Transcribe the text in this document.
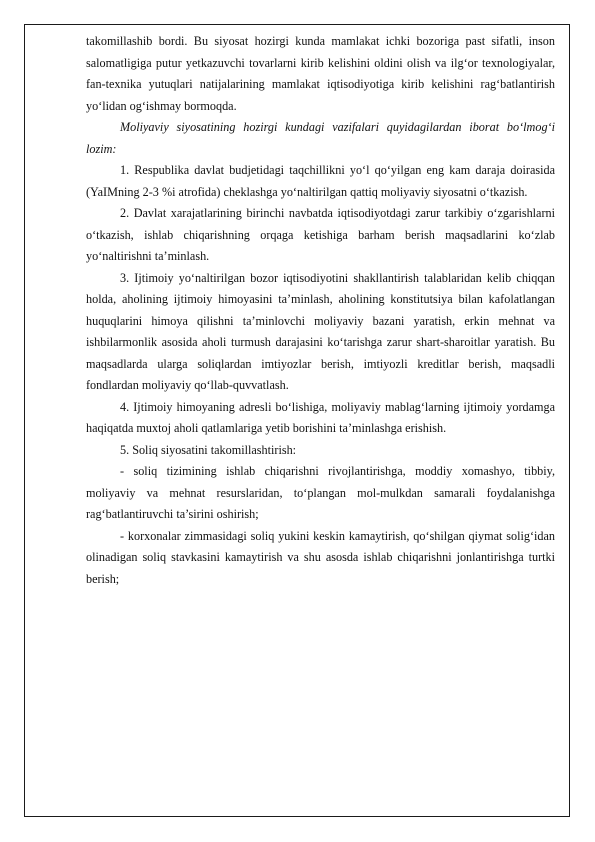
takomillashib bordi. Bu siyosat hozirgi kunda mamlakat ichki bozoriga past sifatli, inson salomatligiga putur yetkazuvchi tovarlarni kirib kelishini oldini olish va ilg‘or texnologiyalar, fan-texnika yutuqlari natijalarining mamlakat iqtisodiyotiga kirib kelishini rag‘batlantirish yo‘lidan og‘ishmay bormoqda.

Moliyaviy siyosatining hozirgi kundagi vazifalari quyidagilardan iborat bo‘lmog‘i lozim:

1. Respublika davlat budjetidagi taqchillikni yo‘l qo‘yilgan eng kam daraja doirasida (YaIMning 2-3 %i atrofida) cheklashga yo‘naltirilgan qattiq moliyaviy siyosatni o‘tkazish.

2. Davlat xarajatlarining birinchi navbatda iqtisodiyotdagi zarur tarkibiy o‘zgarishlarni o‘tkazish, ishlab chiqarishning orqaga ketishiga barham berish maqsadlarini ko‘zlab yo‘naltirishni ta’minlash.

3. Ijtimoiy yo‘naltirilgan bozor iqtisodiyotini shakllantirish talablaridan kelib chiqqan holda, aholining ijtimoiy himoyasini ta’minlash, aholining konstitutsiya bilan kafolatlangan huquqlarini himoya qilishni ta’minlovchi moliyaviy bazani yaratish, erkin mehnat va ishbilarmonlik asosida aholi turmush darajasini ko‘tarishga zarur shart-sharoitlar yaratish. Bu maqsadlarda ularga soliqlardan imtiyozlar berish, imtiyozli kreditlar berish, maqsadli fondlardan moliyaviy qo‘llab-quvvatlash.

4. Ijtimoiy himoyaning adresli bo‘lishiga, moliyaviy mablag‘larning ijtimoiy yordamga haqiqatda muxtoj aholi qatlamlariga yetib borishini ta’minlashga erishish.

5. Soliq siyosatini takomillashtirish:

- soliq tizimining ishlab chiqarishni rivojlantirishga, moddiy xomashyo, tibbiy, moliyaviy va mehnat resurslaridan, to‘plangan mol-mulkdan samarali foydalanishga rag‘batlantiruvchi ta’sirini oshirish;

- korxonalar zimmasidagi soliq yukini keskin kamaytirish, qo‘shilgan qiymat solig‘idan olinadigan soliq stavkasini kamaytirish va shu asosda ishlab chiqarishni jonlantirishga turtki berish;
